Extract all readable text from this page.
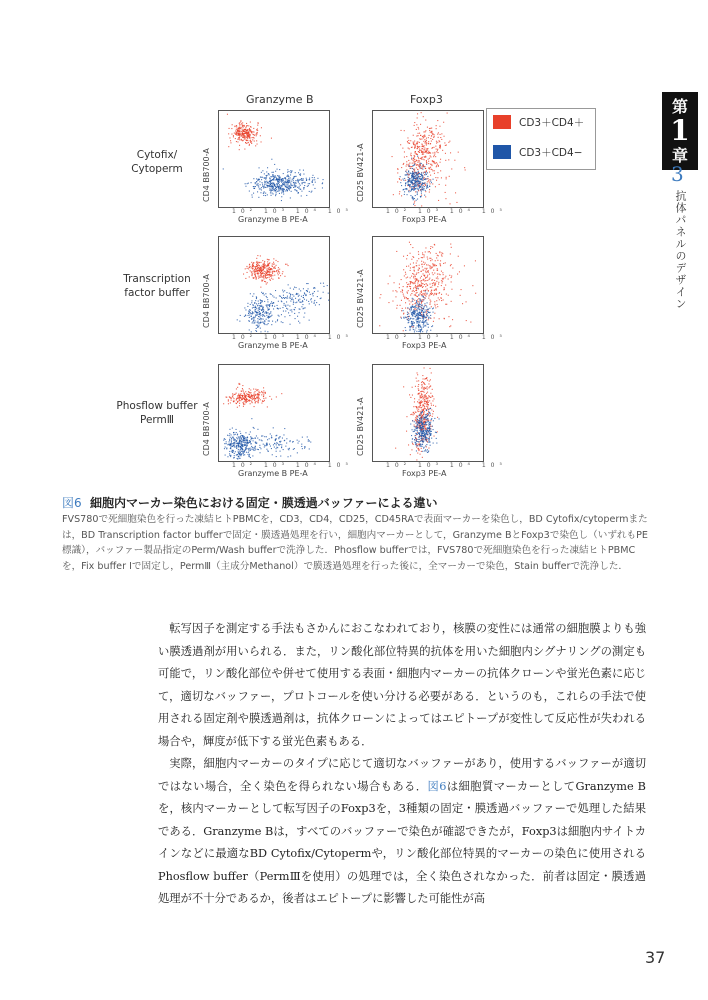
Granzyme B	Foxp3
Cytofix/
Cytoperm
Transcription
factor buffer
Phosflow buffer
PermⅢ
CD4 BB700-A
10² 10³ 10⁴ 10⁵
Granzyme B PE-A
CD25 BV421-A
10² 10³ 10⁴ 10⁵
Foxp3 PE-A
CD4 BB700-A
10² 10³ 10⁴ 10⁵
Granzyme B PE-A
CD25 BV421-A
10² 10³ 10⁴ 10⁵
Foxp3 PE-A
CD4 BB700-A
10² 10³ 10⁴ 10⁵
Granzyme B PE-A
CD25 BV421-A
10² 10³ 10⁴ 10⁵
Foxp3 PE-A
CD3＋CD4＋
CD3＋CD4−
図6 細胞内マーカー染色における固定・膜透過バッファーによる違い
FVS780で死細胞染色を行った凍結ヒトPBMCを，CD3，CD4，CD25，CD45RAで表面マーカーを染色し，BD Cytofix/cytopermまたは，BD Transcription factor bufferで固定・膜透過処理を行い，細胞内マーカーとして，Granzyme BとFoxp3で染色し（いずれもPE標識），バッファー製品指定のPerm/Wash bufferで洗浄した．Phosflow bufferでは，FVS780で死細胞染色を行った凍結ヒトPBMCを，Fix buffer Ⅰで固定し，PermⅢ（主成分Methanol）で膜透過処理を行った後に，全マーカーで染色，Stain bufferで洗浄した．

転写因子を測定する手法もさかんにおこなわれており，核膜の変性には通常の細胞膜よりも強い膜透過剤が用いられる．また，リン酸化部位特異的抗体を用いた細胞内シグナリングの測定も可能で，リン酸化部位や併せて使用する表面・細胞内マーカーの抗体クローンや蛍光色素に応じて，適切なバッファー，プロトコールを使い分ける必要がある．というのも，これらの手法で使用される固定剤や膜透過剤は，抗体クローンによってはエピトープが変性して反応性が失われる場合や，輝度が低下する蛍光色素もある．

実際，細胞内マーカーのタイプに応じて適切なバッファーがあり，使用するバッファーが適切ではない場合，全く染色を得られない場合もある．図6は細胞質マーカーとしてGranzyme Bを，核内マーカーとして転写因子のFoxp3を，3種類の固定・膜透過バッファーで処理した結果である．Granzyme Bは，すべてのバッファーで染色が確認できたが，Foxp3は細胞内サイトカインなどに最適なBD Cytofix/Cytopermや，リン酸化部位特異的マーカーの染色に使用されるPhosflow buffer（PermⅢを使用）の処理では，全く染色されなかった．前者は固定・膜透過処理が不十分であるか，後者はエピトープに影響した可能性が高

第
1
章
3
抗体パネルのデザイン
37
